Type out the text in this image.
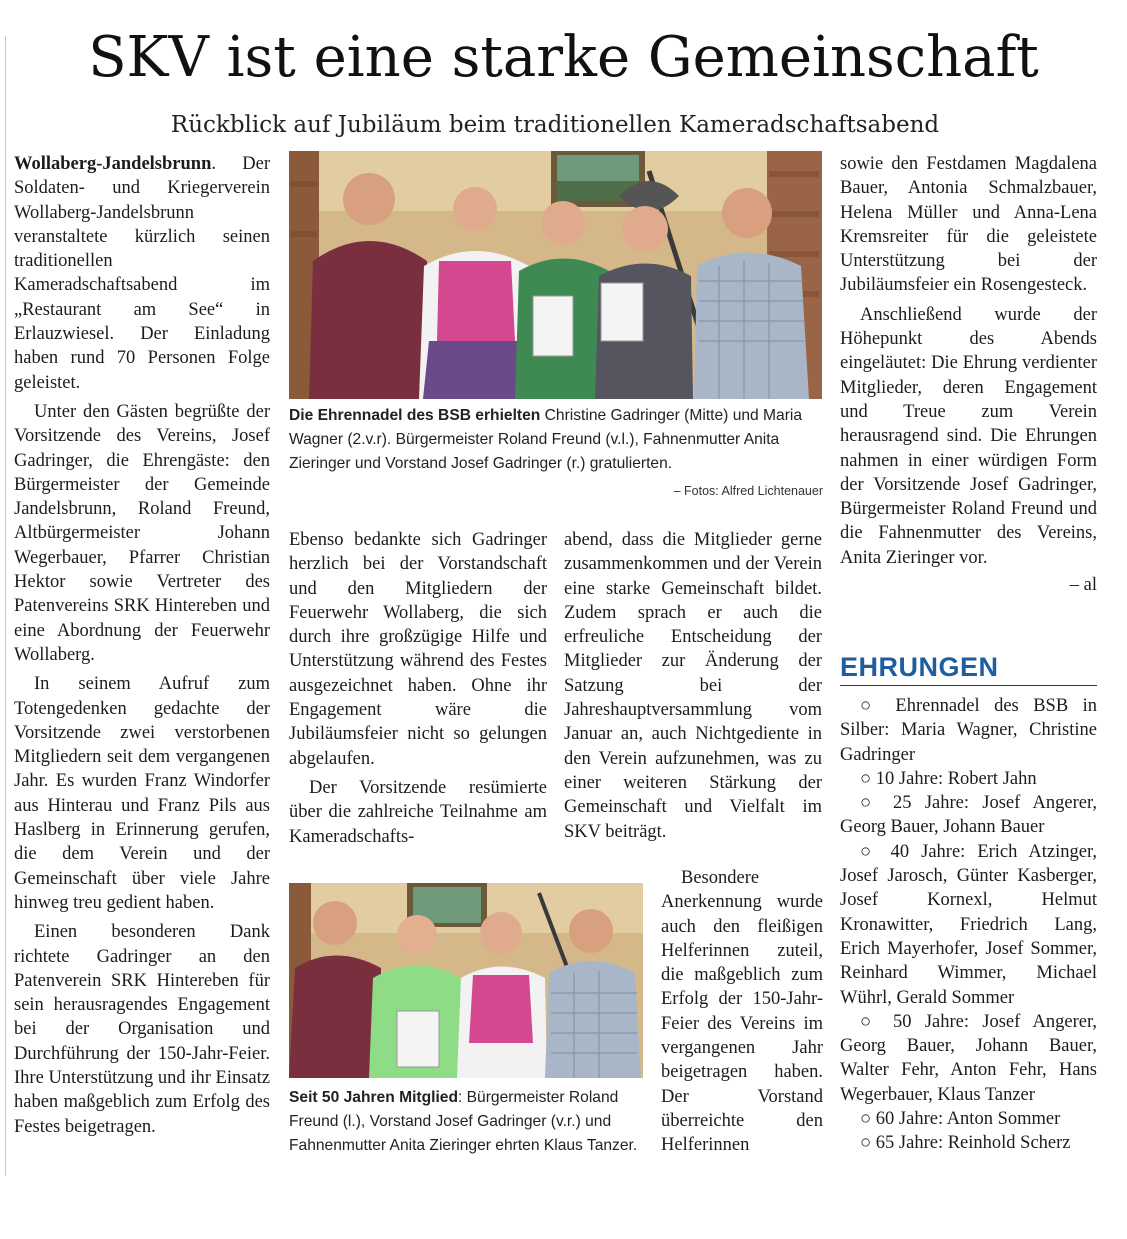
SKV ist eine starke Gemeinschaft
Rückblick auf Jubiläum beim traditionellen Kameradschaftsabend

Wollaberg-Jandelsbrunn. Der Soldaten- und Kriegerverein Wollaberg-Jandelsbrunn veranstaltete kürzlich seinen traditionellen Kameradschaftsabend im „Restaurant am See“ in Erlauzwiesel. Der Einladung haben rund 70 Personen Folge geleistet.

Unter den Gästen begrüßte der Vorsitzende des Vereins, Josef Gadringer, die Ehrengäste: den Bürgermeister der Gemeinde Jandelsbrunn, Roland Freund, Altbürgermeister Johann Wegerbauer, Pfarrer Christian Hektor sowie Vertreter des Patenvereins SRK Hintereben und eine Abordnung der Feuerwehr Wollaberg.

In seinem Aufruf zum Totengedenken gedachte der Vorsitzende zwei verstorbenen Mitgliedern seit dem vergangenen Jahr. Es wurden Franz Windorfer aus Hinterau und Franz Pils aus Haslberg in Erinnerung gerufen, die dem Verein und der Gemeinschaft über viele Jahre hinweg treu gedient haben.

Einen besonderen Dank richtete Gadringer an den Patenverein SRK Hintereben für sein herausragendes Engagement bei der Organisation und Durchführung der 150-Jahr-Feier. Ihre Unterstützung und ihr Einsatz haben maßgeblich zum Erfolg des Festes beigetragen.

Die Ehrennadel des BSB erhielten Christine Gadringer (Mitte) und Maria Wagner (2.v.r). Bürgermeister Roland Freund (v.l.), Fahnenmutter Anita Zieringer und Vorstand Josef Gadringer (r.) gratulierten.
– Fotos: Alfred Lichtenauer

Ebenso bedankte sich Gadringer herzlich bei der Vorstandschaft und den Mitgliedern der Feuerwehr Wollaberg, die sich durch ihre großzügige Hilfe und Unterstützung während des Festes ausgezeichnet haben. Ohne ihr Engagement wäre die Jubiläumsfeier nicht so gelungen abgelaufen.

Der Vorsitzende resümierte über die zahlreiche Teilnahme am Kameradschafts-

abend, dass die Mitglieder gerne zusammenkommen und der Verein eine starke Gemeinschaft bildet. Zudem sprach er auch die erfreuliche Entscheidung der Mitglieder zur Änderung der Satzung bei der Jahreshauptversammlung vom Januar an, auch Nichtgediente in den Verein aufzunehmen, was zu einer weiteren Stärkung der Gemeinschaft und Vielfalt im SKV beiträgt.

Besondere Anerkennung wurde auch den fleißigen Helferinnen zuteil, die maßgeblich zum Erfolg der 150-Jahr-Feier des Vereins im vergangenen Jahr beigetragen haben. Der Vorstand überreichte den Helferinnen

Seit 50 Jahren Mitglied: Bürgermeister Roland Freund (l.), Vorstand Josef Gadringer (v.r.) und Fahnenmutter Anita Zieringer ehrten Klaus Tanzer.

sowie den Festdamen Magdalena Bauer, Antonia Schmalzbauer, Helena Müller und Anna-Lena Kremsreiter für die geleistete Unterstützung bei der Jubiläumsfeier ein Rosengesteck.

Anschließend wurde der Höhepunkt des Abends eingeläutet: Die Ehrung verdienter Mitglieder, deren Engagement und Treue zum Verein herausragend sind. Die Ehrungen nahmen in einer würdigen Form der Vorsitzende Josef Gadringer, Bürgermeister Roland Freund und die Fahnenmutter des Vereins, Anita Zieringer vor.

– al

EHRUNGEN

○ Ehrennadel des BSB in Silber: Maria Wagner, Christine Gadringer

○ 10 Jahre: Robert Jahn

○ 25 Jahre: Josef Angerer, Georg Bauer, Johann Bauer

○ 40 Jahre: Erich Atzinger, Josef Jarosch, Günter Kasberger, Josef Kornexl, Helmut Kronawitter, Friedrich Lang, Erich Mayerhofer, Josef Sommer, Reinhard Wimmer, Michael Wührl, Gerald Sommer

○ 50 Jahre: Josef Angerer, Georg Bauer, Johann Bauer, Walter Fehr, Anton Fehr, Hans Wegerbauer, Klaus Tanzer

○ 60 Jahre: Anton Sommer

○ 65 Jahre: Reinhold Scherz
